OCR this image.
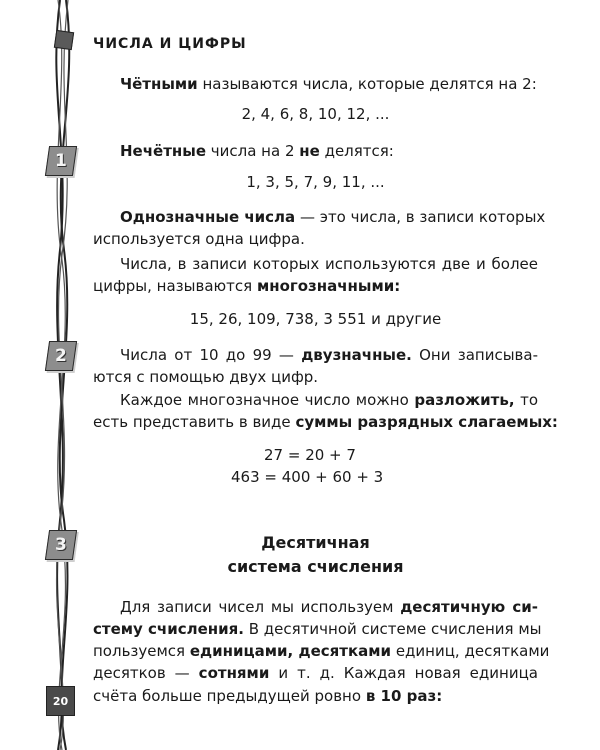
1
2
3
20
ЧИСЛА И ЦИФРЫ
Чётными называются числа, которые делятся на 2:
2, 4, 6, 8, 10, 12, ...
Нечётные числа на 2 не делятся:
1, 3, 5, 7, 9, 11, ...
Однозначные числа — это числа, в записи которых
используется одна цифра.
Числа, в записи которых используются две и более
цифры, называются многозначными:
15, 26, 109, 738, 3 551 и другие
Числа от 10 до 99 — двузначные. Они записыва-
ются с помощью двух цифр.
Каждое многозначное число можно разложить, то
есть представить в виде суммы разрядных слагаемых:
27 = 20 + 7
463 = 400 + 60 + 3
Десятичная
система счисления
Для записи чисел мы используем десятичную си-
стему счисления. В десятичной системе счисления мы
пользуемся единицами, десятками единиц, десятками
десятков — сотнями и т. д. Каждая новая единица
счёта больше предыдущей ровно в 10 раз:
